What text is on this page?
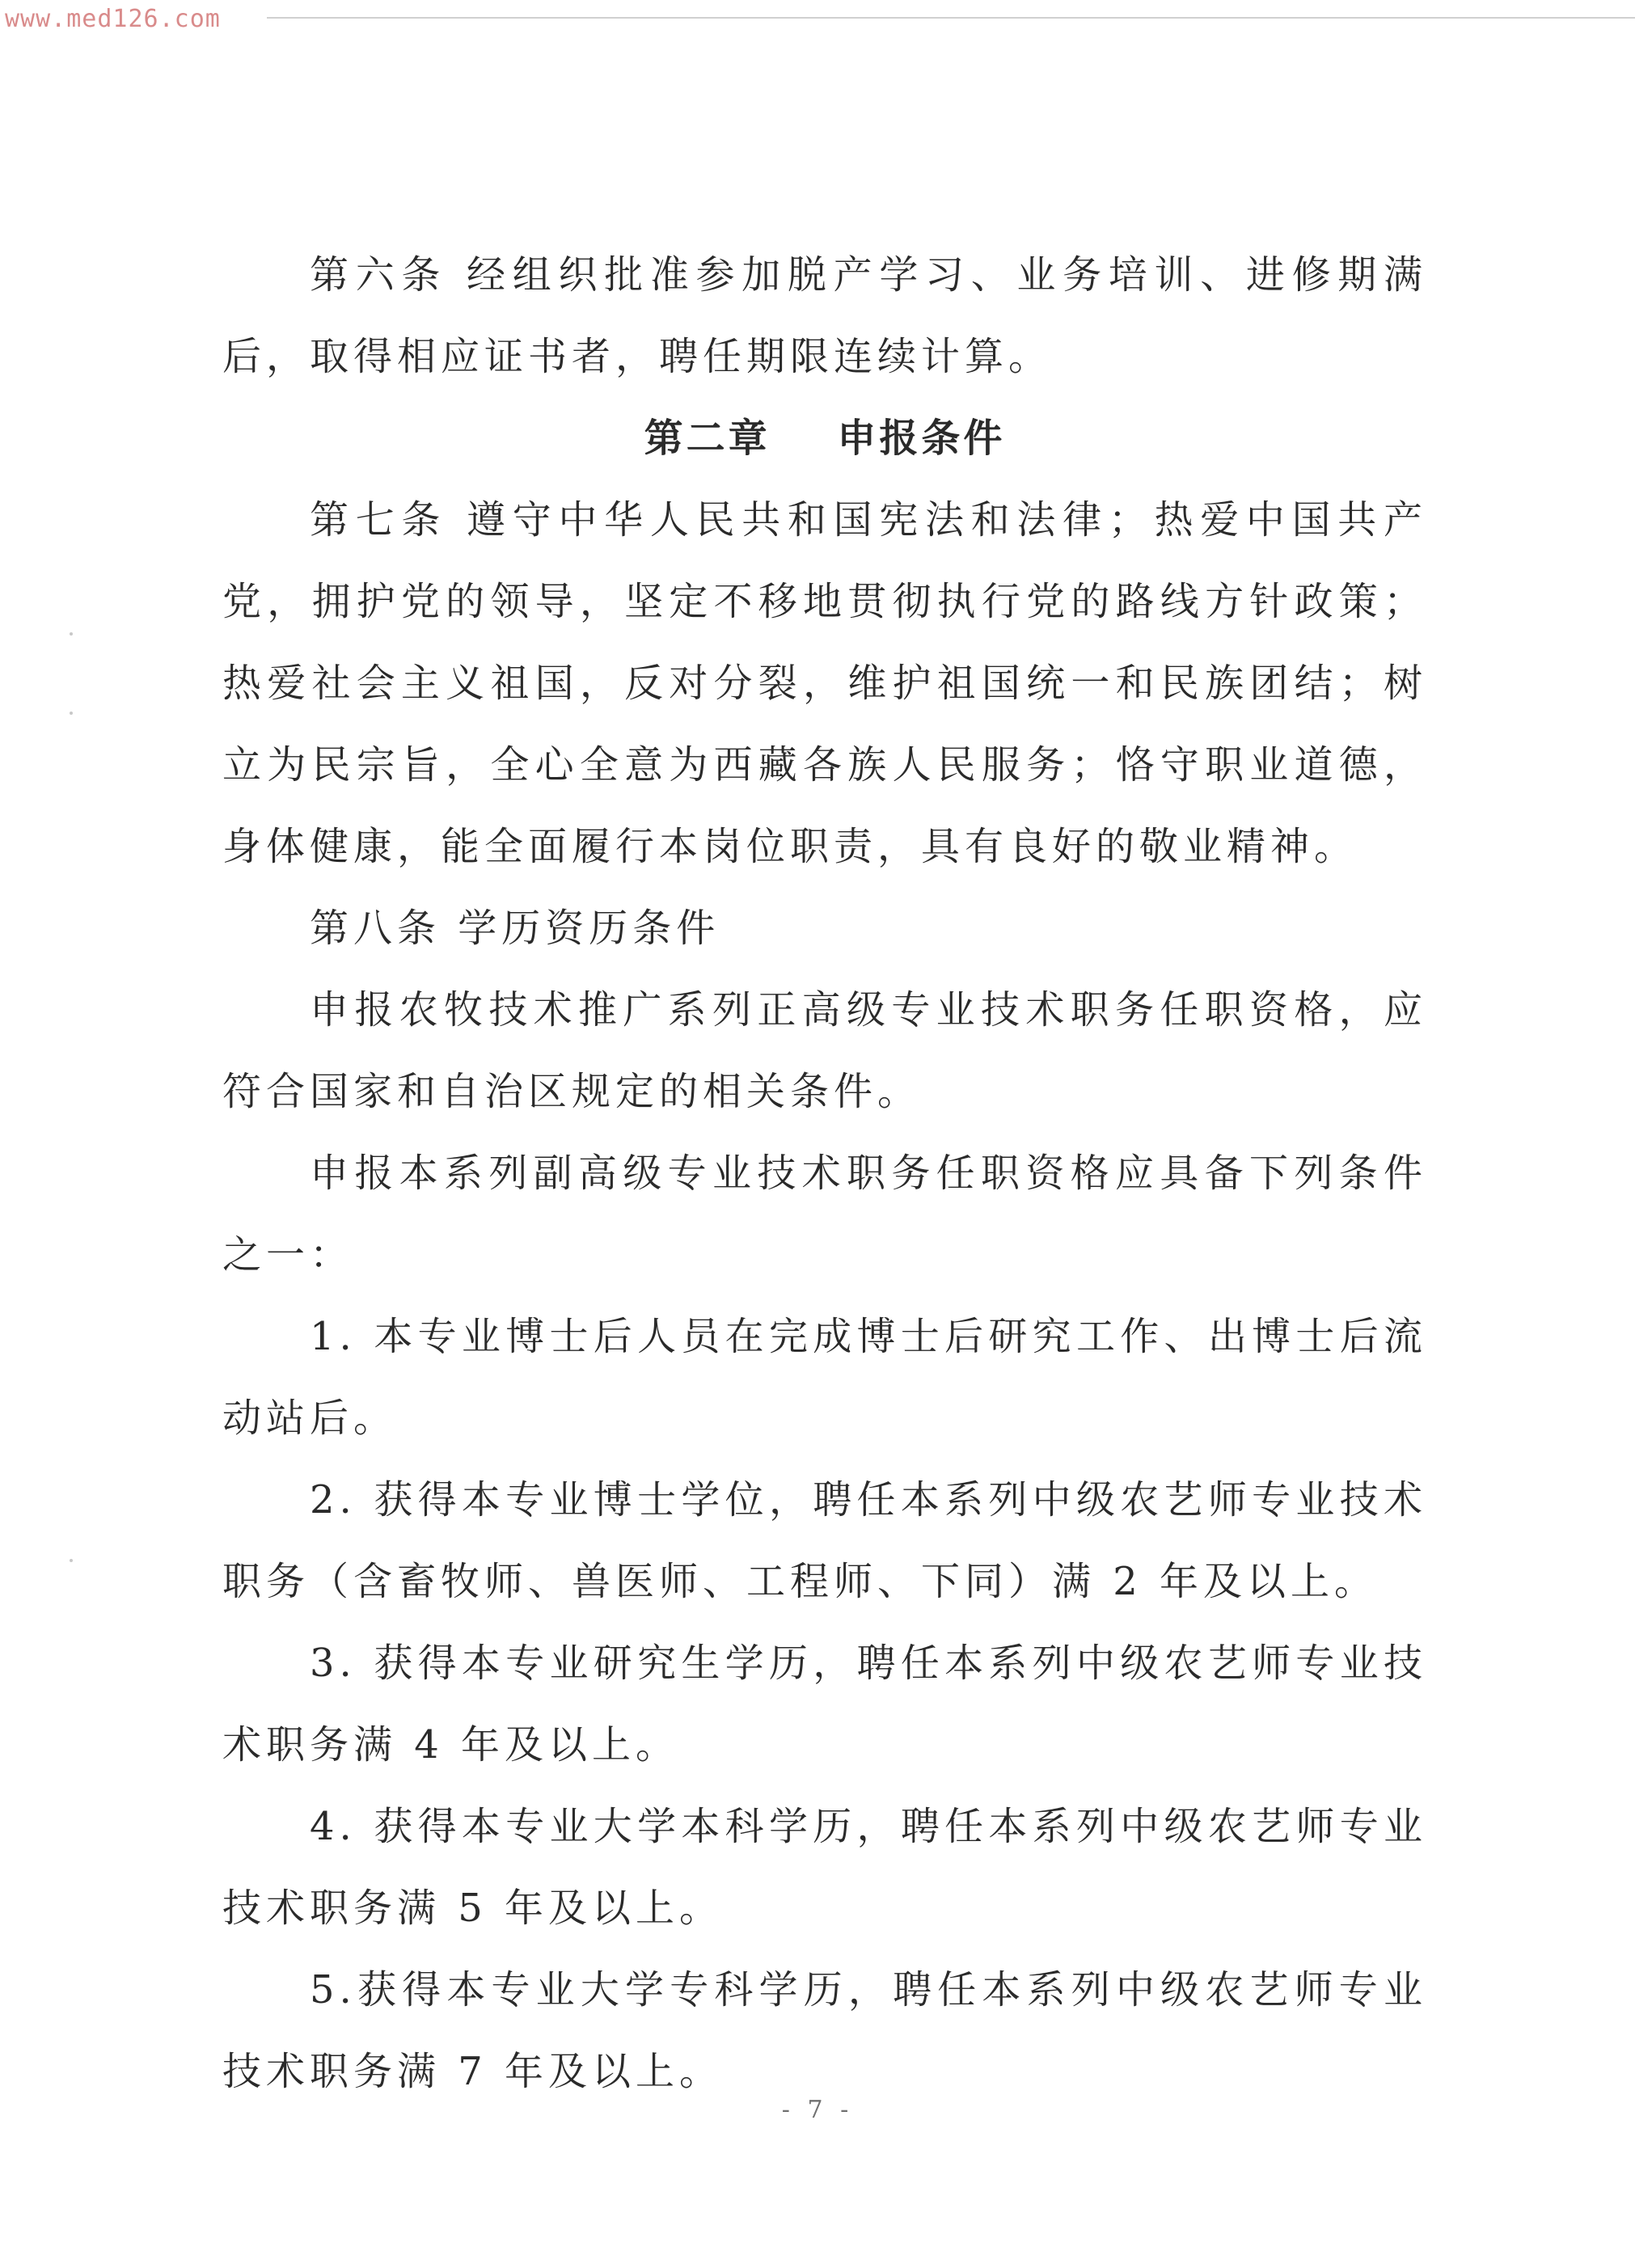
www.med126.com

第六条 经组织批准参加脱产学习、业务培训、进修期满后，取得相应证书者，聘任期限连续计算。

第二章    申报条件

第七条 遵守中华人民共和国宪法和法律；热爱中国共产党，拥护党的领导，坚定不移地贯彻执行党的路线方针政策；热爱社会主义祖国，反对分裂，维护祖国统一和民族团结；树立为民宗旨，全心全意为西藏各族人民服务；恪守职业道德，身体健康，能全面履行本岗位职责，具有良好的敬业精神。

第八条 学历资历条件

申报农牧技术推广系列正高级专业技术职务任职资格，应符合国家和自治区规定的相关条件。

申报本系列副高级专业技术职务任职资格应具备下列条件之一：

1. 本专业博士后人员在完成博士后研究工作、出博士后流动站后。

2. 获得本专业博士学位，聘任本系列中级农艺师专业技术职务（含畜牧师、兽医师、工程师、下同）满 2 年及以上。

3. 获得本专业研究生学历，聘任本系列中级农艺师专业技术职务满 4 年及以上。

4. 获得本专业大学本科学历，聘任本系列中级农艺师专业技术职务满 5 年及以上。

5.获得本专业大学专科学历，聘任本系列中级农艺师专业技术职务满 7 年及以上。

- 7 -
